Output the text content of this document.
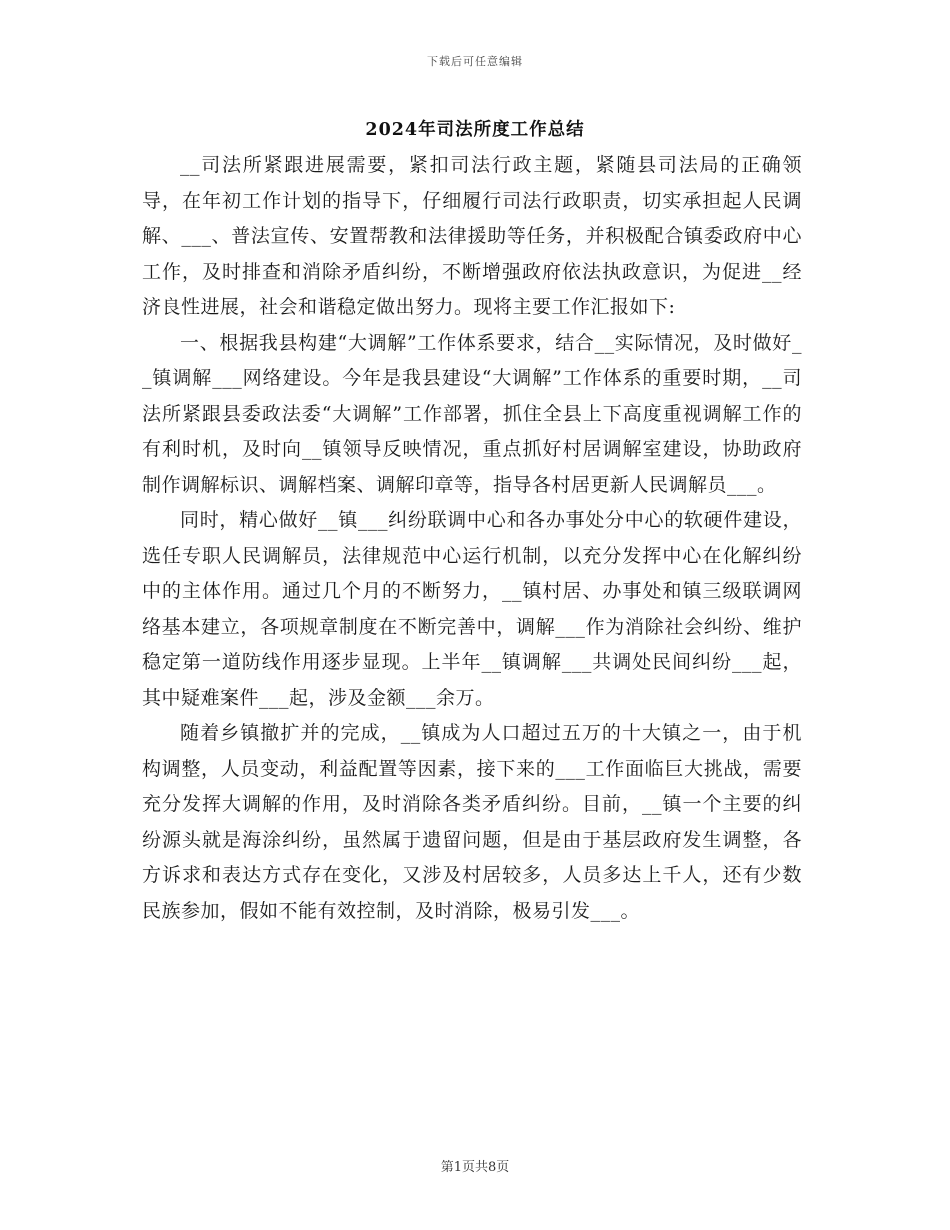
下载后可任意编辑
2024年司法所度工作总结

__司法所紧跟进展需要，紧扣司法行政主题，紧随县司法局的正确领导，在年初工作计划的指导下，仔细履行司法行政职责，切实承担起人民调解、___、普法宣传、安置帮教和法律援助等任务，并积极配合镇委政府中心工作，及时排查和消除矛盾纠纷，不断增强政府依法执政意识，为促进__经济良性进展，社会和谐稳定做出努力。现将主要工作汇报如下:

一、根据我县构建“大调解”工作体系要求，结合__实际情况，及时做好__镇调解___网络建设。今年是我县建设“大调解”工作体系的重要时期，__司法所紧跟县委政法委“大调解”工作部署，抓住全县上下高度重视调解工作的有利时机，及时向__镇领导反映情况，重点抓好村居调解室建设，协助政府制作调解标识、调解档案、调解印章等，指导各村居更新人民调解员___。

同时，精心做好__镇___纠纷联调中心和各办事处分中心的软硬件建设，选任专职人民调解员，法律规范中心运行机制，以充分发挥中心在化解纠纷中的主体作用。通过几个月的不断努力，__镇村居、办事处和镇三级联调网络基本建立，各项规章制度在不断完善中，调解___作为消除社会纠纷、维护稳定第一道防线作用逐步显现。上半年__镇调解___共调处民间纠纷___起，其中疑难案件___起，涉及金额___余万。

随着乡镇撤扩并的完成，__镇成为人口超过五万的十大镇之一，由于机构调整，人员变动，利益配置等因素，接下来的___工作面临巨大挑战，需要充分发挥大调解的作用，及时消除各类矛盾纠纷。目前，__镇一个主要的纠纷源头就是海涂纠纷，虽然属于遗留问题，但是由于基层政府发生调整，各方诉求和表达方式存在变化，又涉及村居较多，人员多达上千人，还有少数民族参加，假如不能有效控制，及时消除，极易引发___。

第1页共8页
